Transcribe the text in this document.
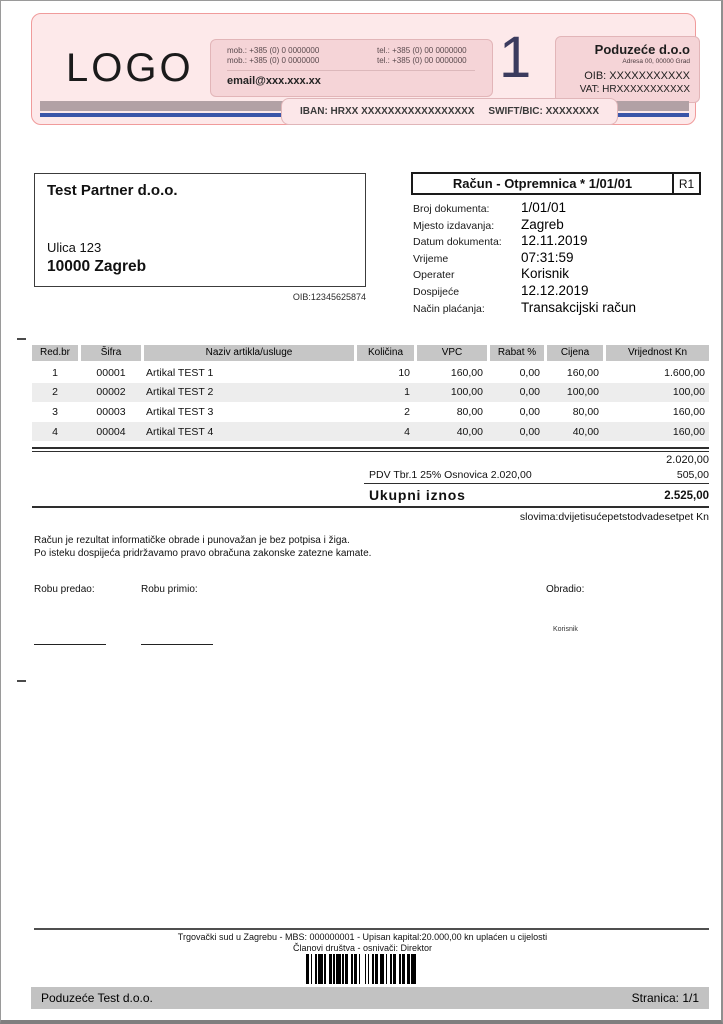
LOGO	mob.: +385 (0) 0 0000000	tel.: +385 (0) 00 0000000
mob.: +385 (0) 0 0000000	tel.: +385 (0) 00 0000000
email@xxx.xxx.xx	1	Poduzeće d.o.o
Adresa 00, 00000 Grad
OIB: XXXXXXXXXXX
VAT: HRXXXXXXXXXXX
IBAN: HRXX XXXXXXXXXXXXXXXXX SWIFT/BIC: XXXXXXXX
Test Partner d.o.o.
Ulica 123
10000 Zagreb
OIB:12345625874
Račun - Otpremnica * 1/01/01	R1
Broj dokumenta: 1/01/01
Mjesto izdavanja: Zagreb
Datum dokumenta: 12.11.2019
Vrijeme	07:31:59
Operater	Korisnik
Dospijeće	12.12.2019
Način plaćanja:	Transakcijski račun
Red.br	Šifra	Naziv artikla/usluge	Količina	VPC	Rabat %	Cijena	Vrijednost Kn
1	00001	Artikal TEST 1	10	160,00	0,00	160,00	1.600,00
2	00002	Artikal TEST 2	1	100,00	0,00	100,00	100,00
3	00003	Artikal TEST 3	2	80,00	0,00	80,00	160,00
4	00004	Artikal TEST 4	4	40,00	0,00	40,00	160,00
2.020,00
PDV Tbr.1 25% Osnovica 2.020,00	505,00
Ukupni iznos	2.525,00
slovima:dvijetisućepetstodvadesetpet Kn
Račun je rezultat informatičke obrade i punovažan je bez potpisa i žiga.
Po isteku dospijeća pridržavamo pravo obračuna zakonske zatezne kamate.
Robu predao:	Robu primio:	Obradio:
Korisnik
Trgovački sud u Zagrebu - MBS: 000000001 - Upisan kapital:20.000,00 kn uplaćen u cijelosti
Članovi društva - osnivači: Direktor
Poduzeće Test d.o.o.	Stranica: 1/1
